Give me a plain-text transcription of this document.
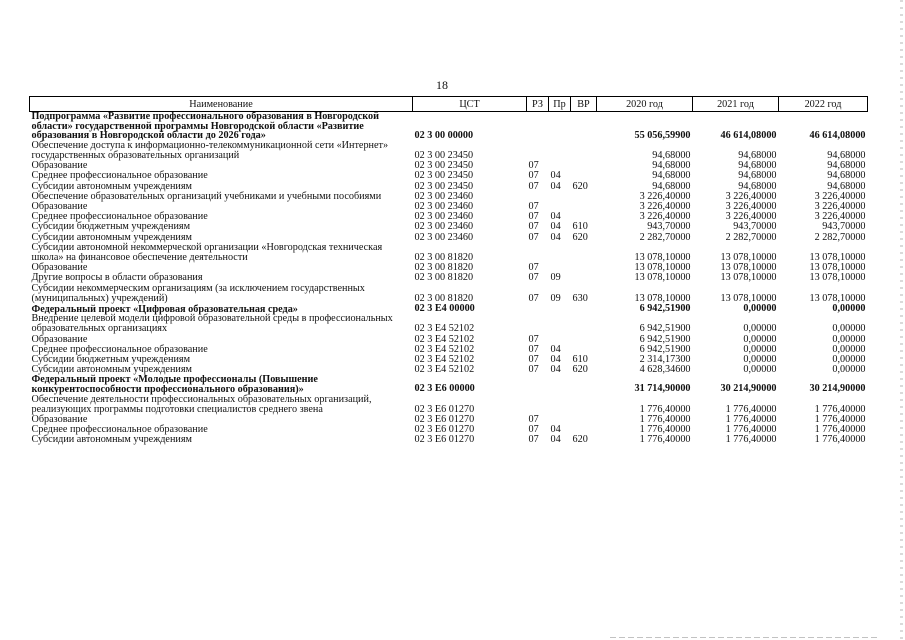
18
Наименование	ЦСТ	РЗ	Пр	ВР	2020 год	2021 год	2022 год
Подпрограмма «Развитие профессионального образования в Новгородской области» государственной программы Новгородской области «Развитие образования в Новгородской области до 2026 года»	02 3 00 00000				55 056,59900	46 614,08000	46 614,08000
Обеспечение доступа к информационно-телекоммуникационной сети «Интернет» государственных образовательных организаций	02 3 00 23450				94,68000	94,68000	94,68000
Образование	02 3 00 23450	07			94,68000	94,68000	94,68000
Среднее профессиональное образование	02 3 00 23450	07	04		94,68000	94,68000	94,68000
Субсидии автономным учреждениям	02 3 00 23450	07	04	620	94,68000	94,68000	94,68000
Обеспечение образовательных организаций учебниками и учебными пособиями	02 3 00 23460				3 226,40000	3 226,40000	3 226,40000
Образование	02 3 00 23460	07			3 226,40000	3 226,40000	3 226,40000
Среднее профессиональное образование	02 3 00 23460	07	04		3 226,40000	3 226,40000	3 226,40000
Субсидии бюджетным учреждениям	02 3 00 23460	07	04	610	943,70000	943,70000	943,70000
Субсидии автономным учреждениям	02 3 00 23460	07	04	620	2 282,70000	2 282,70000	2 282,70000
Субсидии автономной некоммерческой организации «Новгородская техническая школа» на финансовое обеспечение деятельности	02 3 00 81820				13 078,10000	13 078,10000	13 078,10000
Образование	02 3 00 81820	07			13 078,10000	13 078,10000	13 078,10000
Другие вопросы в области образования	02 3 00 81820	07	09		13 078,10000	13 078,10000	13 078,10000
Субсидии некоммерческим организациям (за исключением государственных (муниципальных) учреждений)	02 3 00 81820	07	09	630	13 078,10000	13 078,10000	13 078,10000
Федеральный проект «Цифровая образовательная среда»	02 3 E4 00000				6 942,51900	0,00000	0,00000
Внедрение целевой модели цифровой образовательной среды в профессиональных образовательных организациях	02 3 E4 52102				6 942,51900	0,00000	0,00000
Образование	02 3 E4 52102	07			6 942,51900	0,00000	0,00000
Среднее профессиональное образование	02 3 E4 52102	07	04		6 942,51900	0,00000	0,00000
Субсидии бюджетным учреждениям	02 3 E4 52102	07	04	610	2 314,17300	0,00000	0,00000
Субсидии автономным учреждениям	02 3 E4 52102	07	04	620	4 628,34600	0,00000	0,00000
Федеральный проект «Молодые профессионалы (Повышение конкурентоспособности профессионального образования)»	02 3 E6 00000				31 714,90000	30 214,90000	30 214,90000
Обеспечение деятельности профессиональных образовательных организаций, реализующих программы подготовки специалистов среднего звена	02 3 E6 01270				1 776,40000	1 776,40000	1 776,40000
Образование	02 3 E6 01270	07			1 776,40000	1 776,40000	1 776,40000
Среднее профессиональное образование	02 3 E6 01270	07	04		1 776,40000	1 776,40000	1 776,40000
Субсидии автономным учреждениям	02 3 E6 01270	07	04	620	1 776,40000	1 776,40000	1 776,40000
